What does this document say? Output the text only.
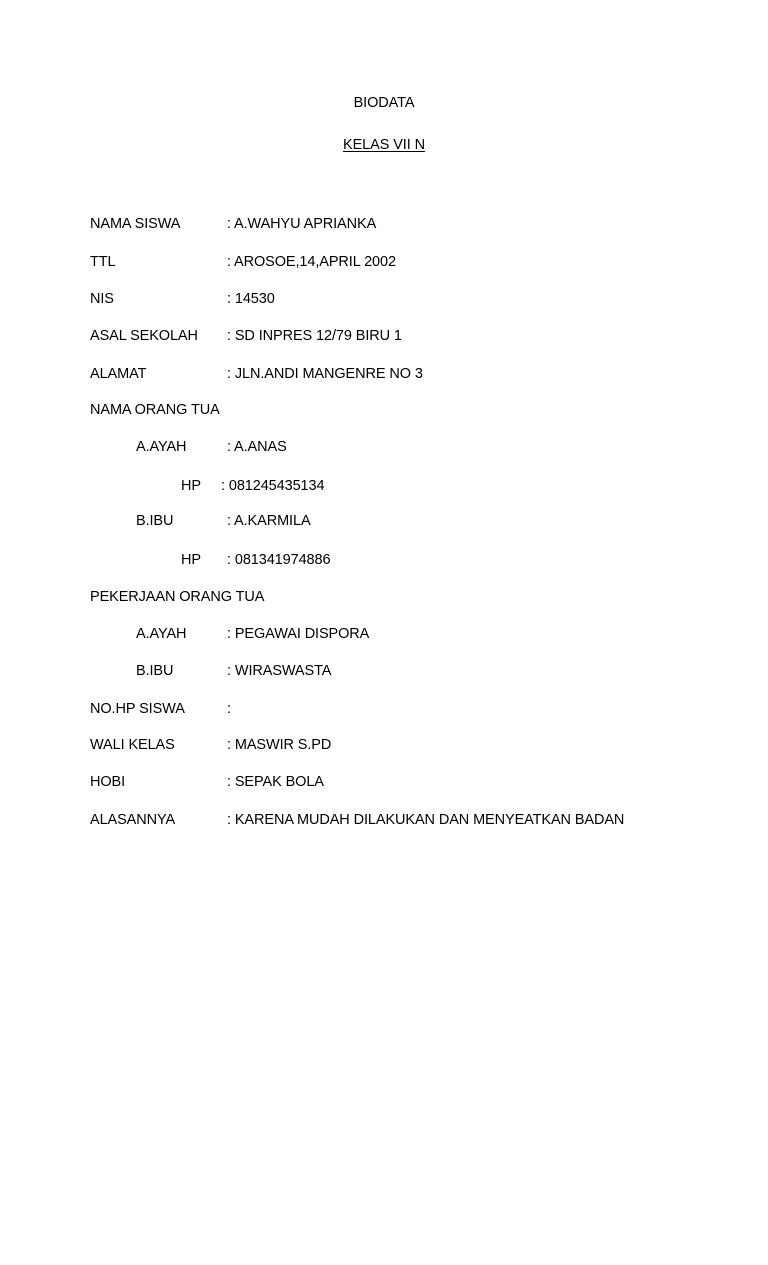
BIODATA
KELAS VII N
NAMA SISWA	: A.WAHYU APRIANKA
TTL	: AROSOE,14,APRIL 2002
NIS	: 14530
ASAL SEKOLAH : SD INPRES 12/79 BIRU 1
ALAMAT	: JLN.ANDI MANGENRE NO 3
NAMA ORANG TUA
A.AYAH	: A.ANAS
HP : 081245435134
B.IBU	: A.KARMILA
HP : 081341974886
PEKERJAAN ORANG TUA
A.AYAH	: PEGAWAI DISPORA
B.IBU	: WIRASWASTA
NO.HP SISWA	:
WALI KELAS	: MASWIR S.PD
HOBI	: SEPAK BOLA
ALASANNYA	: KARENA MUDAH DILAKUKAN DAN MENYEATKAN BADAN
